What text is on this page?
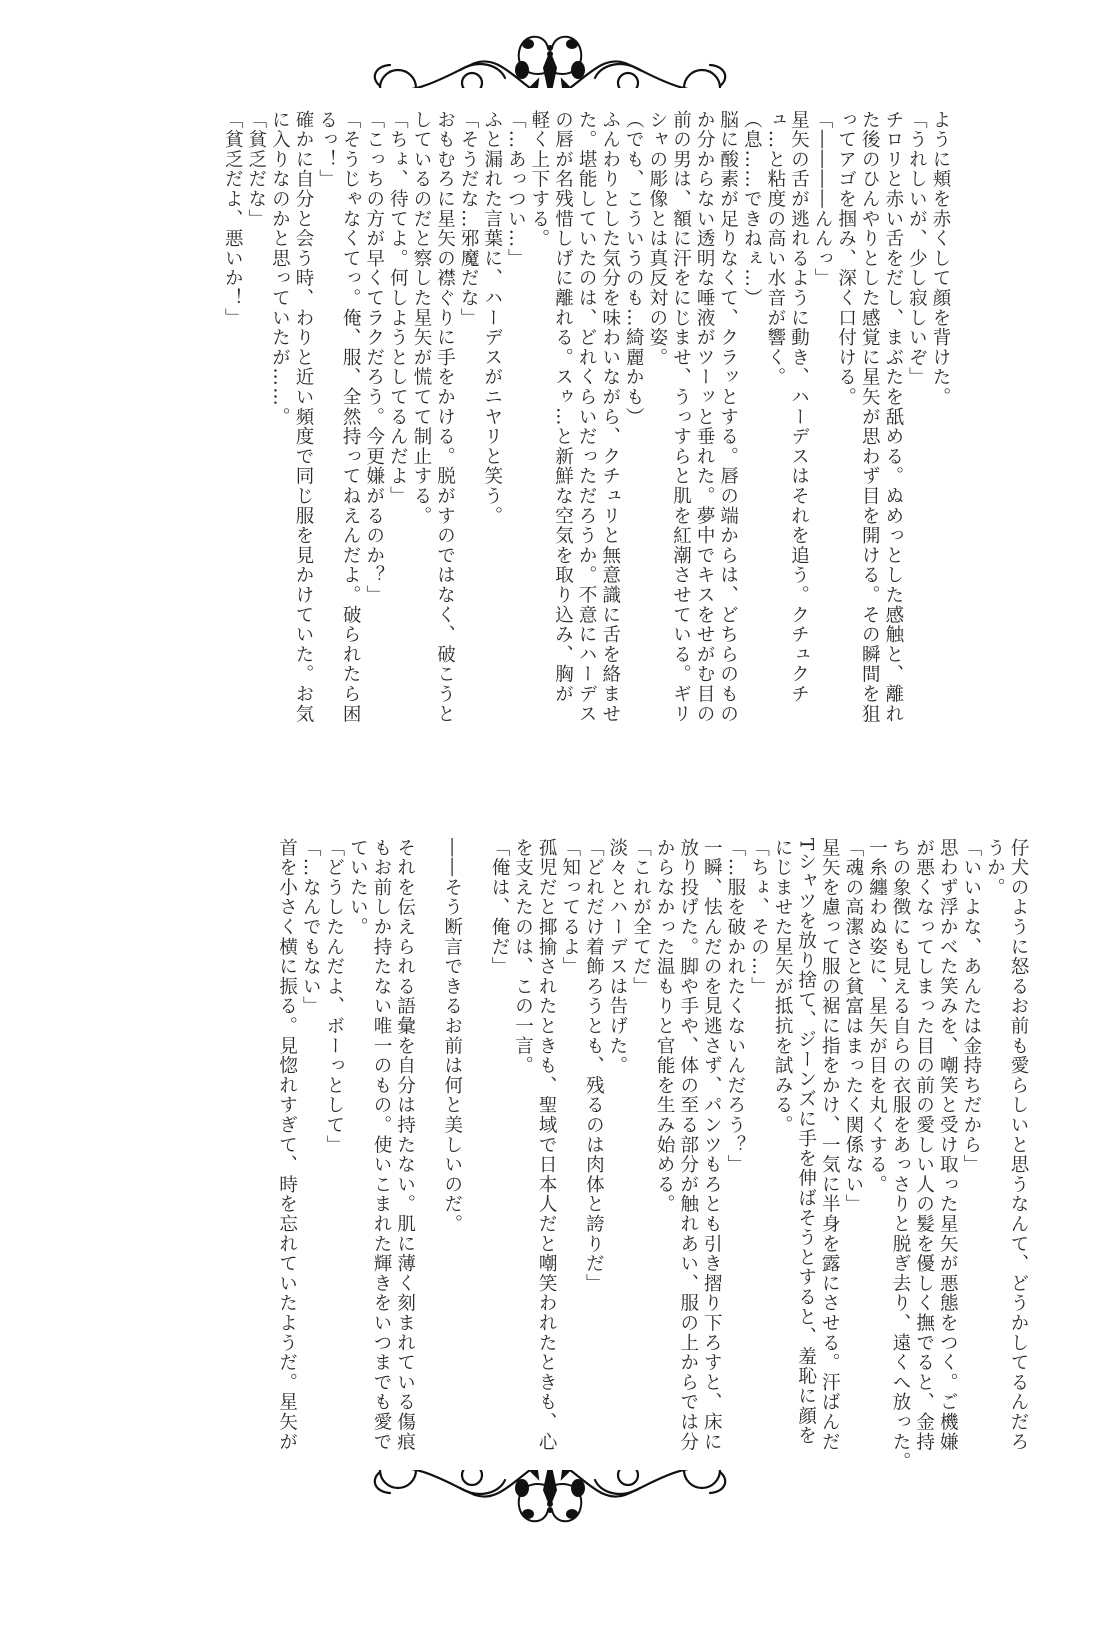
ように頬を赤くして顔を背けた。
「うれしいが、少し寂しいぞ」
チロリと赤い舌をだし、まぶたを舐める。ぬめっとした感触と、離れ
た後のひんやりとした感覚に星矢が思わず目を開ける。その瞬間を狙
ってアゴを掴み、深く口付ける。
「――――んんっ」
星矢の舌が逃れるように動き、ハーデスはそれを追う。クチュクチ
ュ…と粘度の高い水音が響く。
（息……できねぇ…）
脳に酸素が足りなくて、クラッとする。唇の端からは、どちらのもの
か分からない透明な唾液がツーッと垂れた。夢中でキスをせがむ目の
前の男は、額に汗をにじませ、うっすらと肌を紅潮させている。ギリ
シャの彫像とは真反対の姿。
（でも、こういうのも…綺麗かも）
ふんわりとした気分を味わいながら、クチュリと無意識に舌を絡ませ
た。堪能していたのは、どれくらいだっただろうか。不意にハーデス
の唇が名残惜しげに離れる。スゥ…と新鮮な空気を取り込み、胸が
軽く上下する。
「…あっつい…」
ふと漏れた言葉に、ハーデスがニヤリと笑う。
「そうだな…邪魔だな」
おもむろに星矢の襟ぐりに手をかける。脱がすのではなく、破こうと
しているのだと察した星矢が慌てて制止する。
「ちょ、待てよ。何しようとしてるんだよ」
「こっちの方が早くてラクだろう。今更嫌がるのか？」
「そうじゃなくてっ。俺、服、全然持ってねえんだよ。破られたら困
るっ！」
確かに自分と会う時、わりと近い頻度で同じ服を見かけていた。お気
に入りなのかと思っていたが……。
「貧乏だな」
「貧乏だよ、悪いか！」
仔犬のように怒るお前も愛らしいと思うなんて、どうかしてるんだろ
うか。
「いいよな、あんたは金持ちだから」
思わず浮かべた笑みを、嘲笑と受け取った星矢が悪態をつく。ご機嫌
が悪くなってしまった目の前の愛しい人の髪を優しく撫でると、金持
ちの象徴にも見える自らの衣服をあっさりと脱ぎ去り、遠くへ放った。
一糸纏わぬ姿に、星矢が目を丸くする。
「魂の高潔さと貧富はまったく関係ない」
星矢を慮って服の裾に指をかけ、一気に半身を露にさせる。汗ばんだ
Tシャツを放り捨て、ジーンズに手を伸ばそうとすると、羞恥に顔を
にじませた星矢が抵抗を試みる。
「ちょ、その…」
「…服を破かれたくないんだろう？」
一瞬、怯んだのを見逃さず、パンツもろとも引き摺り下ろすと、床に
放り投げた。脚や手や、体の至る部分が触れあい、服の上からでは分
からなかった温もりと官能を生み始める。
「これが全てだ」
淡々とハーデスは告げた。
「どれだけ着飾ろうとも、残るのは肉体と誇りだ」
「知ってるよ」
孤児だと揶揄されたときも、聖域で日本人だと嘲笑われたときも、心
を支えたのは、この一言。
「俺は、俺だ」

――そう断言できるお前は何と美しいのだ。

それを伝えられる語彙を自分は持たない。肌に薄く刻まれている傷痕
もお前しか持たない唯一のもの。使いこまれた輝きをいつまでも愛で
ていたい。
「どうしたんだよ、ボーっとして」
「…なんでもない」
首を小さく横に振る。見惚れすぎて、時を忘れていたようだ。星矢が
